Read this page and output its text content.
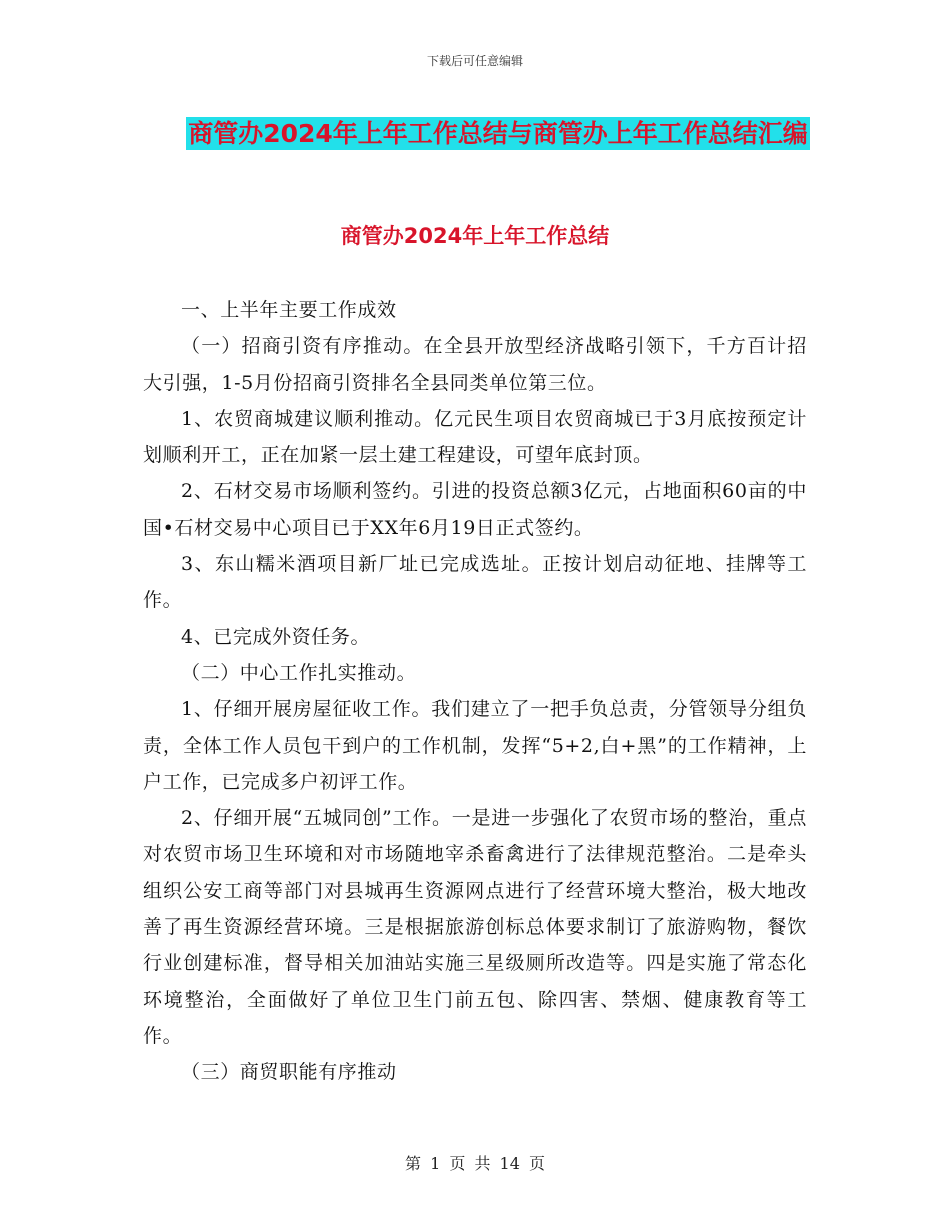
下载后可任意编辑
商管办2024年上年工作总结与商管办上年工作总结汇编
商管办2024年上年工作总结

一、上半年主要工作成效

（一）招商引资有序推动。在全县开放型经济战略引领下，千方百计招大引强，1-5月份招商引资排名全县同类单位第三位。

1、农贸商城建议顺利推动。亿元民生项目农贸商城已于3月底按预定计划顺利开工，正在加紧一层土建工程建设，可望年底封顶。

2、石材交易市场顺利签约。引进的投资总额3亿元，占地面积60亩的中国•石材交易中心项目已于XX年6月19日正式签约。

3、东山糯米酒项目新厂址已完成选址。正按计划启动征地、挂牌等工作。

4、已完成外资任务。

（二）中心工作扎实推动。

1、仔细开展房屋征收工作。我们建立了一把手负总责，分管领导分组负责，全体工作人员包干到户的工作机制，发挥“5+2,白+黑”的工作精神，上户工作，已完成多户初评工作。

2、仔细开展“五城同创”工作。一是进一步强化了农贸市场的整治，重点对农贸市场卫生环境和对市场随地宰杀畜禽进行了法律规范整治。二是牵头组织公安工商等部门对县城再生资源网点进行了经营环境大整治，极大地改善了再生资源经营环境。三是根据旅游创标总体要求制订了旅游购物，餐饮行业创建标准，督导相关加油站实施三星级厕所改造等。四是实施了常态化环境整治，全面做好了单位卫生门前五包、除四害、禁烟、健康教育等工作。

（三）商贸职能有序推动

第 1 页 共 14 页
